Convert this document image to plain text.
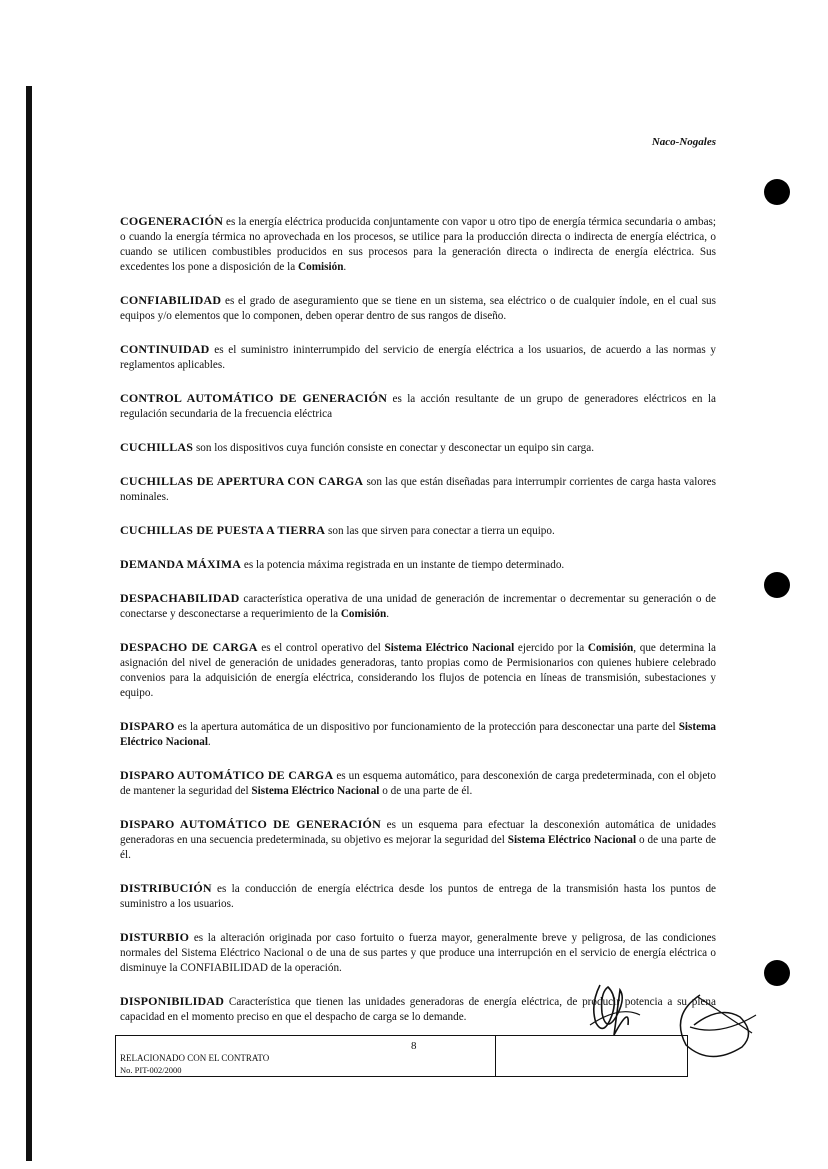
Naco-Nogales

COGENERACIÓN es la energía eléctrica producida conjuntamente con vapor u otro tipo de energía térmica secundaria o ambas; o cuando la energía térmica no aprovechada en los procesos, se utilice para la producción directa o indirecta de energía eléctrica, o cuando se utilicen combustibles producidos en sus procesos para la generación directa o indirecta de energía eléctrica. Sus excedentes los pone a disposición de la Comisión.

CONFIABILIDAD es el grado de aseguramiento que se tiene en un sistema, sea eléctrico o de cualquier índole, en el cual sus equipos y/o elementos que lo componen, deben operar dentro de sus rangos de diseño.

CONTINUIDAD es el suministro ininterrumpido del servicio de energía eléctrica a los usuarios, de acuerdo a las normas y reglamentos aplicables.

CONTROL AUTOMÁTICO DE GENERACIÓN es la acción resultante de un grupo de generadores eléctricos en la regulación secundaria de la frecuencia eléctrica

CUCHILLAS son los dispositivos cuya función consiste en conectar y desconectar un equipo sin carga.

CUCHILLAS DE APERTURA CON CARGA son las que están diseñadas para interrumpir corrientes de carga hasta valores nominales.

CUCHILLAS DE PUESTA A TIERRA son las que sirven para conectar a tierra un equipo.

DEMANDA MÁXIMA es la potencia máxima registrada en un instante de tiempo determinado.

DESPACHABILIDAD característica operativa de una unidad de generación de incrementar o decrementar su generación o de conectarse y desconectarse a requerimiento de la Comisión.

DESPACHO DE CARGA es el control operativo del Sistema Eléctrico Nacional ejercido por la Comisión, que determina la asignación del nivel de generación de unidades generadoras, tanto propias como de Permisionarios con quienes hubiere celebrado convenios para la adquisición de energía eléctrica, considerando los flujos de potencia en líneas de transmisión, subestaciones y equipo.

DISPARO es la apertura automática de un dispositivo por funcionamiento de la protección para desconectar una parte del Sistema Eléctrico Nacional.

DISPARO AUTOMÁTICO DE CARGA es un esquema automático, para desconexión de carga predeterminada, con el objeto de mantener la seguridad del Sistema Eléctrico Nacional o de una parte de él.

DISPARO AUTOMÁTICO DE GENERACIÓN es un esquema para efectuar la desconexión automática de unidades generadoras en una secuencia predeterminada, su objetivo es mejorar la seguridad del Sistema Eléctrico Nacional o de una parte de él.

DISTRIBUCIÓN es la conducción de energía eléctrica desde los puntos de entrega de la transmisión hasta los puntos de suministro a los usuarios.

DISTURBIO es la alteración originada por caso fortuito o fuerza mayor, generalmente breve y peligrosa, de las condiciones normales del Sistema Eléctrico Nacional o de una de sus partes y que produce una interrupción en el servicio de energía eléctrica o disminuye la CONFIABILIDAD de la operación.

DISPONIBILIDAD Característica que tienen las unidades generadoras de energía eléctrica, de producir potencia a su plena capacidad en el momento preciso en que el despacho de carga se lo demande.

RELACIONADO CON EL CONTRATO
No. PIT-002/2000
8
